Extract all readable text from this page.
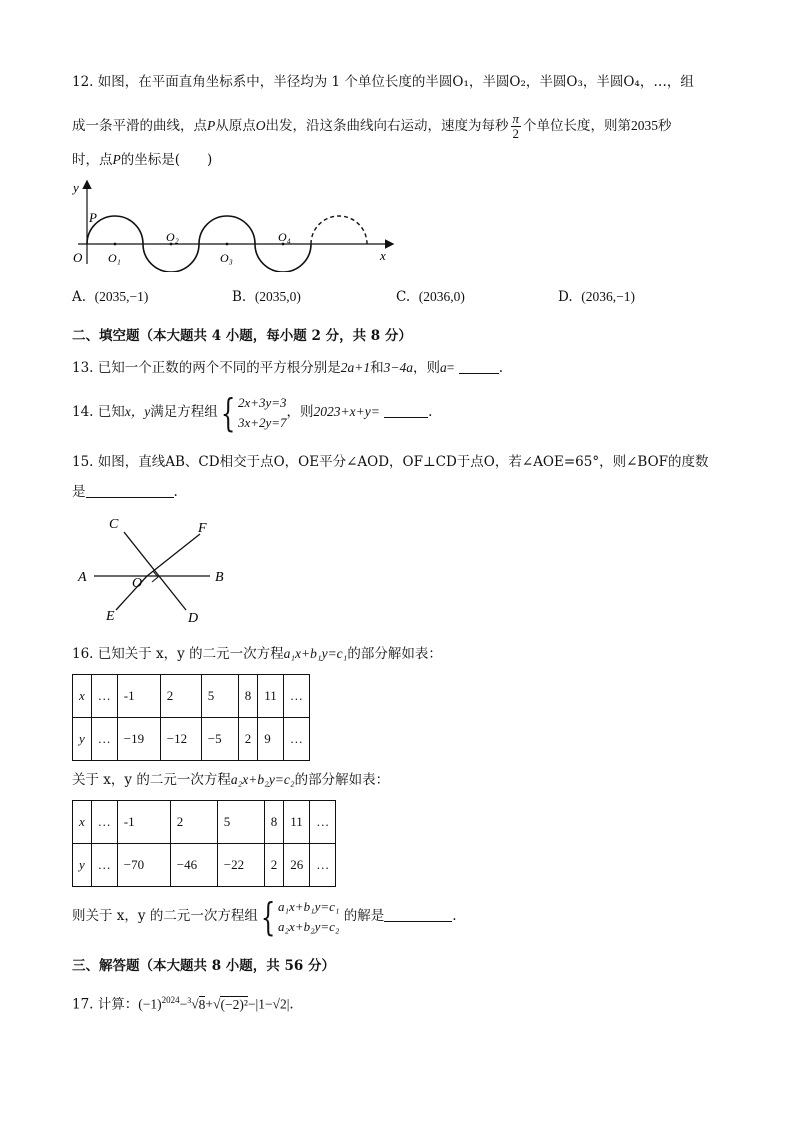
12. 如图，在平面直角坐标系中，半径均为 1 个单位长度的半圆O₁，半圆O₂，半圆O₃，半圆O₄，…，组
成一条平滑的曲线，点P从原点O出发，沿这条曲线向右运动，速度为每秒 $\frac{\pi}{2}$ 个单位长度，则第2035秒
时，点P的坐标是(　　)
y
x
O
P
O₁
O₂
O₃
O₄
A. (2035,−1)	B. (2035,0)	C. (2036,0)	D. (2036,−1)
二、填空题（本大题共 4 小题，每小题 2 分，共 8 分）
13. 已知一个正数的两个不同的平方根分别是2a+1和3−4a，则a=	.
14. 已知x，y满足方程组{ 2x+3y=3
3x+2y=7
，则2023+x+y=	.
15. 如图，直线AB、CD相交于点O，OE平分∠AOD，OF⊥CD于点O，若∠AOE=65°，则∠BOF的度数
是	.
C	F
A	O	B
E	D
16. 已知关于 x，y 的二元一次方程a₁x+b₁y=c₁的部分解如表：
x	…	-1	2	5	8	11	…
y	…	−19	−12	−5	2	9	…
关于 x，y 的二元一次方程a₂x+b₂y=c₂的部分解如表：
x	…	-1	2	5	8	11	…
y	…	−70	−46	−22	2	26	…
则关于 x，y 的二元一次方程组{ a₁x+b₁y=c₁
a₂x+b₂y=c₂
的解是	.
三、解答题（本大题共 8 小题，共 56 分）
17. 计算：$(-1)^{2024}-^3√8+√(-2)^2-|1-√2|$.
